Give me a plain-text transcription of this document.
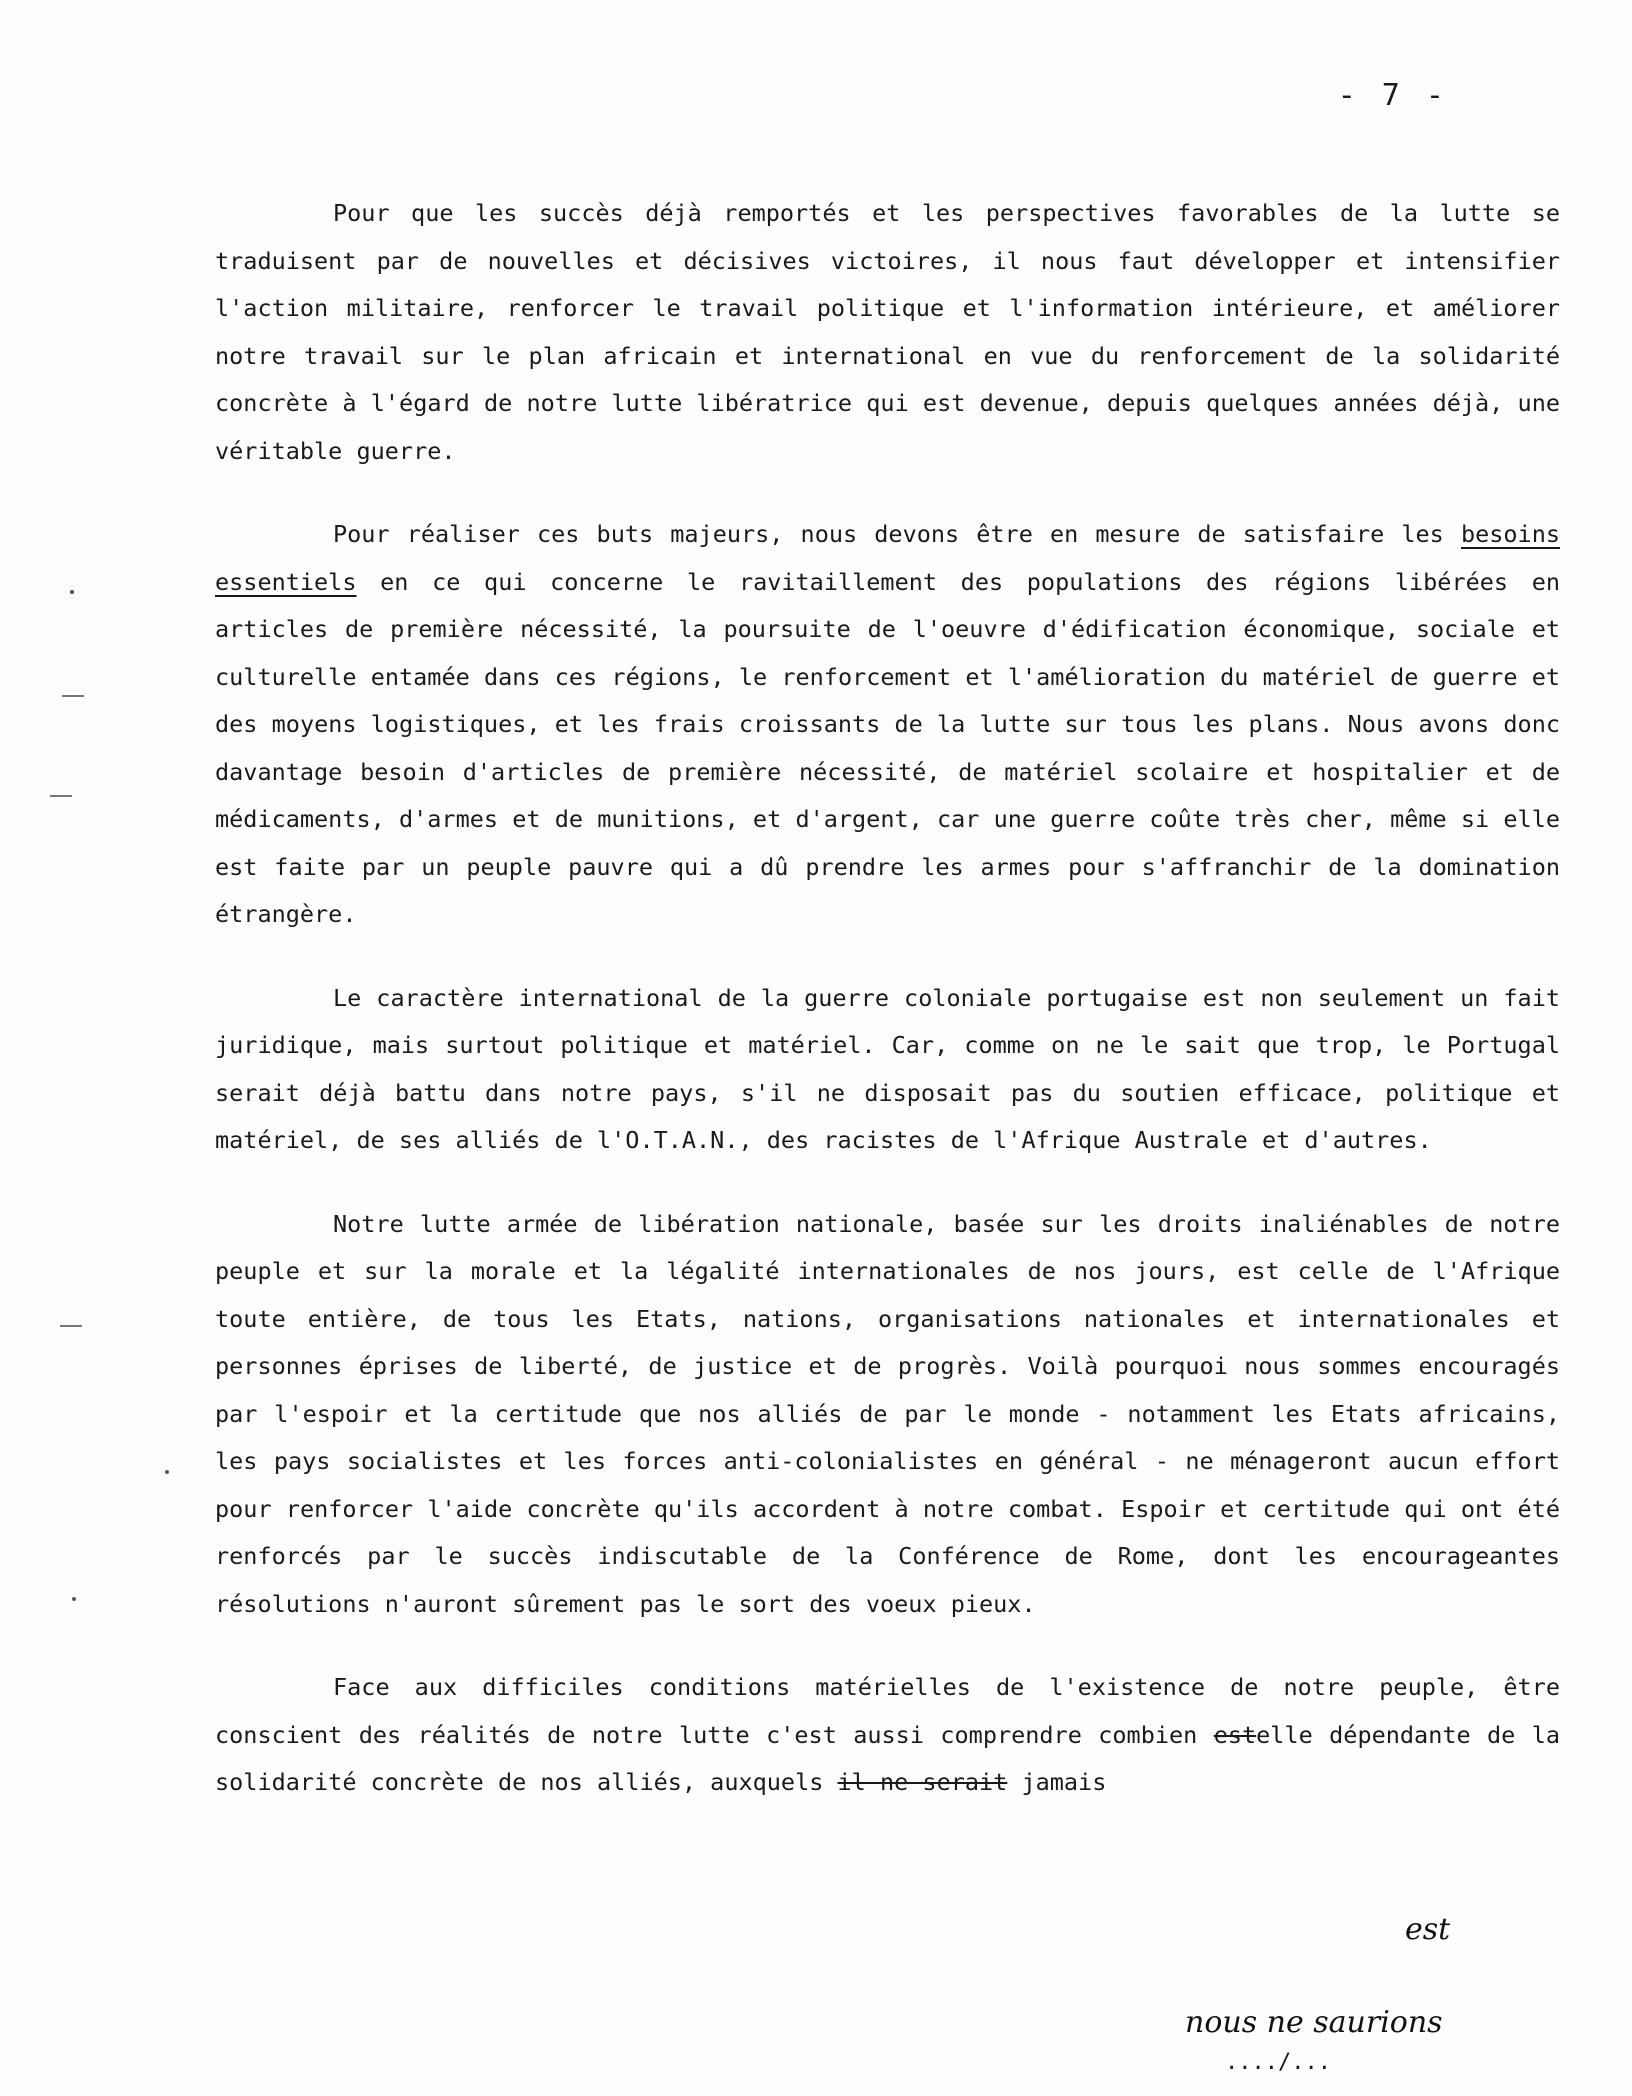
- 7 -

Pour que les succès déjà remportés et les perspectives favorables de la lutte se traduisent par de nouvelles et décisives victoires, il nous faut développer et intensifier l'action militaire, renforcer le travail politique et l'information intérieure, et améliorer notre travail sur le plan africain et international en vue du renforcement de la solidarité concrète à l'égard de notre lutte libératrice qui est devenue, depuis quelques années déjà, une véritable guerre.

Pour réaliser ces buts majeurs, nous devons être en mesure de satisfaire les besoins essentiels en ce qui concerne le ravitaillement des populations des régions libérées en articles de première nécessité, la poursuite de l'oeuvre d'édification économique, sociale et culturelle entamée dans ces régions, le renforcement et l'amélioration du matériel de guerre et des moyens logistiques, et les frais croissants de la lutte sur tous les plans. Nous avons donc davantage besoin d'articles de première nécessité, de matériel scolaire et hospitalier et de médicaments, d'armes et de munitions, et d'argent, car une guerre coûte très cher, même si elle est faite par un peuple pauvre qui a dû prendre les armes pour s'affranchir de la domination étrangère.

Le caractère international de la guerre coloniale portugaise est non seulement un fait juridique, mais surtout politique et matériel. Car, comme on ne le sait que trop, le Portugal serait déjà battu dans notre pays, s'il ne disposait pas du soutien efficace, politique et matériel, de ses alliés de l'O.T.A.N., des racistes de l'Afrique Australe et d'autres.

Notre lutte armée de libération nationale, basée sur les droits inaliénables de notre peuple et sur la morale et la légalité internationales de nos jours, est celle de l'Afrique toute entière, de tous les Etats, nations, organisations nationales et internationales et personnes éprises de liberté, de justice et de progrès. Voilà pourquoi nous sommes encouragés par l'espoir et la certitude que nos alliés de par le monde - notamment les Etats africains, les pays socialistes et les forces anti-colonialistes en général - ne ménageront aucun effort pour renforcer l'aide concrète qu'ils accordent à notre combat. Espoir et certitude qui ont été renforcés par le succès indiscutable de la Conférence de Rome, dont les encourageantes résolutions n'auront sûrement pas le sort des voeux pieux.

Face aux difficiles conditions matérielles de l'existence de notre peuple, être conscient des réalités de notre lutte c'est aussi comprendre combien estelle dépendante de la solidarité concrète de nos alliés, auxquels il ne serait jamais

est
nous ne saurions
..../...
